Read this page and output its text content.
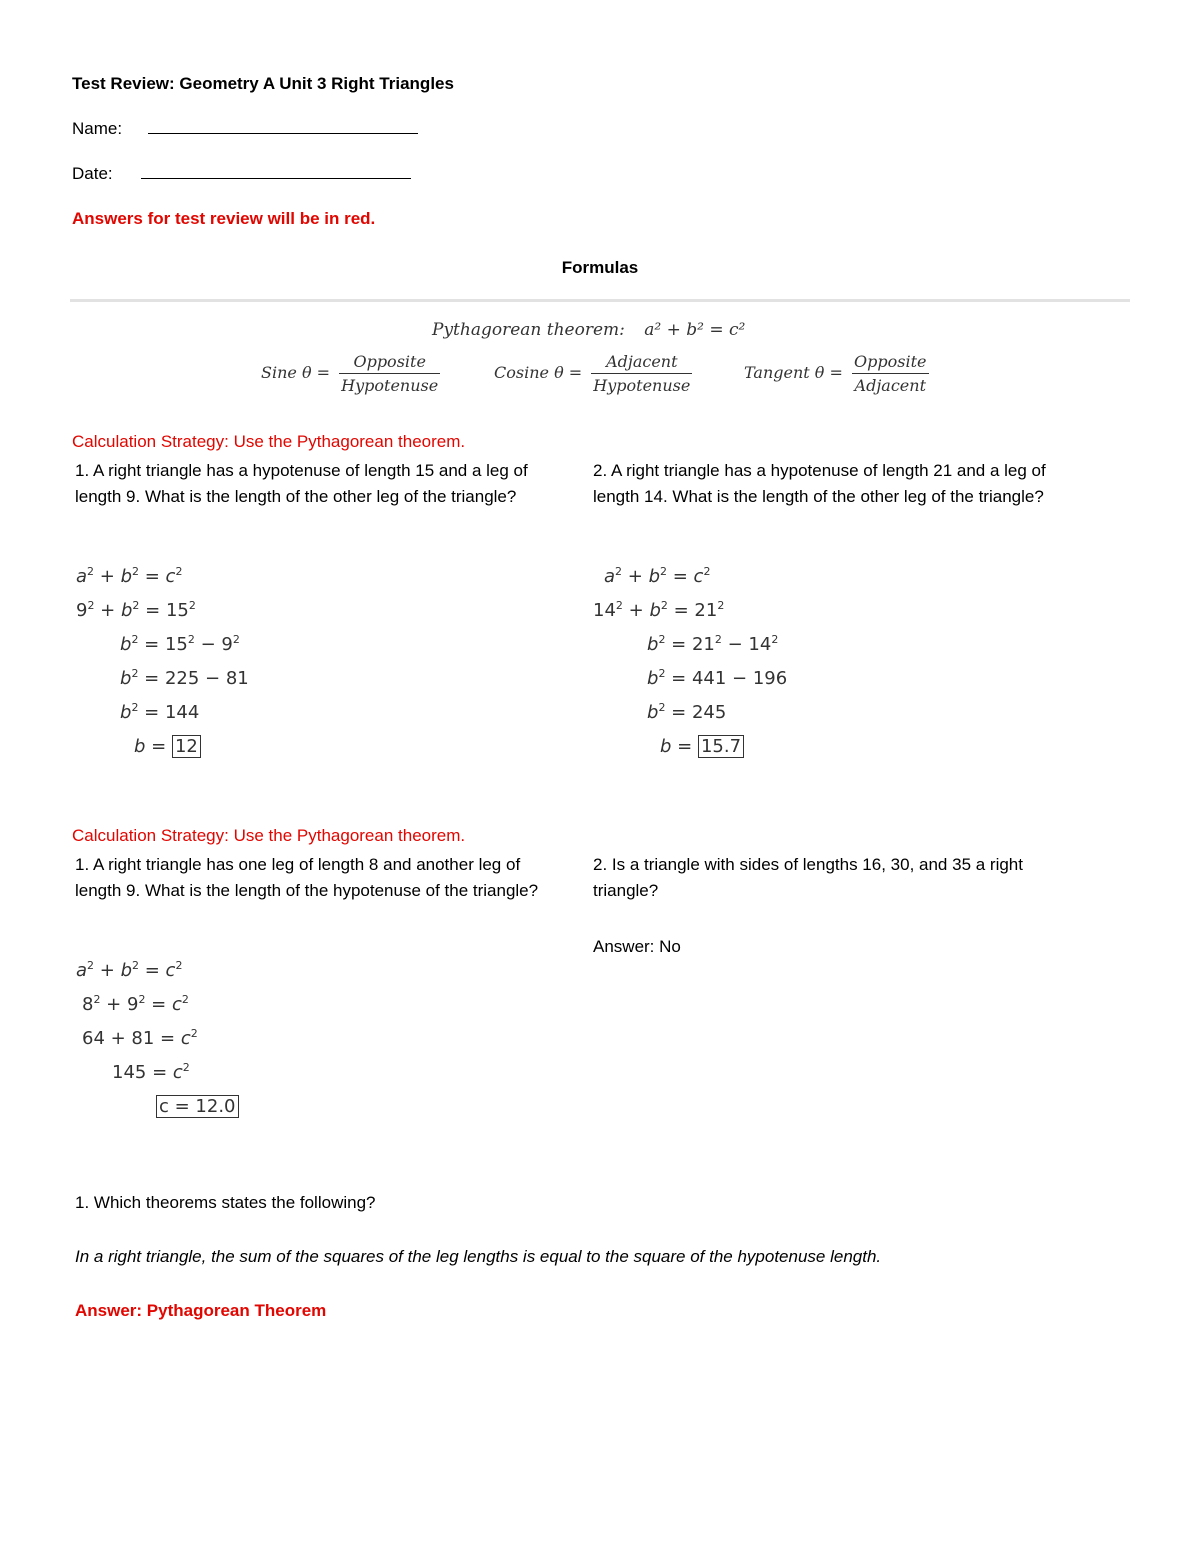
Test Review: Geometry A Unit 3 Right Triangles
Name:
Date:
Answers for test review will be in red.
Formulas
Pythagorean theorem: a² + b² = c²
Sine $\theta = \frac{\text{Opposite}}{\text{Hypotenuse}}$	Cosine $\theta = \frac{\text{Adjacent}}{\text{Hypotenuse}}$	Tangent $\theta = \frac{\text{Opposite}}{\text{Adjacent}}$
Calculation Strategy: Use the Pythagorean theorem.
1. A right triangle has a hypotenuse of length 15 and a leg of length 9. What is the length of the other leg of the triangle?
2. A right triangle has a hypotenuse of length 21 and a leg of length 14. What is the length of the other leg of the triangle?
$a^2 + b^2 = c^2$
$9^2 + b^2 = 15^2$
$b^2 = 15^2 - 9^2$
$b^2 = 225 - 81$
$b^2 = 144$
b = 12
$a^2 + b^2 = c^2$
$14^2 + b^2 = 21^2$
$b^2 = 21^2 - 14^2$
$b^2 = 441 - 196$
$b^2 = 245$
b = 15.7
Calculation Strategy: Use the Pythagorean theorem.
1. A right triangle has one leg of length 8 and another leg of length 9. What is the length of the hypotenuse of the triangle?
2. Is a triangle with sides of lengths 16, 30, and 35 a right triangle?
Answer: No
$a^2 + b^2 = c^2$
$8^2 + 9^2 = c^2$
$64 + 81 = c^2$
$145 = c^2$
c = 12.0
1. Which theorems states the following?
In a right triangle, the sum of the squares of the leg lengths is equal to the square of the hypotenuse length.
Answer: Pythagorean Theorem
